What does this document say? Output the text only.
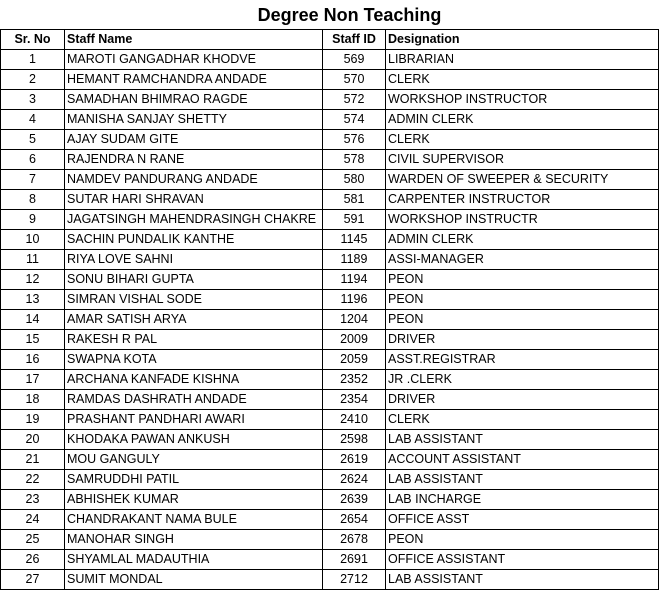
Degree Non Teaching
Sr. No	Staff Name	Staff ID	Designation
1	MAROTI GANGADHAR KHODVE	569	LIBRARIAN
2	HEMANT RAMCHANDRA ANDADE	570	CLERK
3	SAMADHAN BHIMRAO RAGDE	572	WORKSHOP INSTRUCTOR
4	MANISHA SANJAY SHETTY	574	ADMIN CLERK
5	AJAY SUDAM GITE	576	CLERK
6	RAJENDRA N RANE	578	CIVIL SUPERVISOR
7	NAMDEV PANDURANG ANDADE	580	WARDEN OF SWEEPER & SECURITY
8	SUTAR HARI SHRAVAN	581	CARPENTER INSTRUCTOR
9	JAGATSINGH MAHENDRASINGH CHAKRE	591	WORKSHOP INSTRUCTR
10	SACHIN PUNDALIK KANTHE	1145	ADMIN CLERK
11	RIYA LOVE SAHNI	1189	ASSI-MANAGER
12	SONU BIHARI GUPTA	1194	PEON
13	SIMRAN VISHAL SODE	1196	PEON
14	AMAR SATISH ARYA	1204	PEON
15	RAKESH R PAL	2009	DRIVER
16	SWAPNA KOTA	2059	ASST.REGISTRAR
17	ARCHANA KANFADE KISHNA	2352	JR .CLERK
18	RAMDAS DASHRATH ANDADE	2354	DRIVER
19	PRASHANT PANDHARI AWARI	2410	CLERK
20	KHODAKA PAWAN ANKUSH	2598	LAB ASSISTANT
21	MOU GANGULY	2619	ACCOUNT ASSISTANT
22	SAMRUDDHI PATIL	2624	LAB ASSISTANT
23	ABHISHEK KUMAR	2639	LAB INCHARGE
24	CHANDRAKANT NAMA BULE	2654	OFFICE ASST
25	MANOHAR SINGH	2678	PEON
26	SHYAMLAL MADAUTHIA	2691	OFFICE ASSISTANT
27	SUMIT MONDAL	2712	LAB ASSISTANT
